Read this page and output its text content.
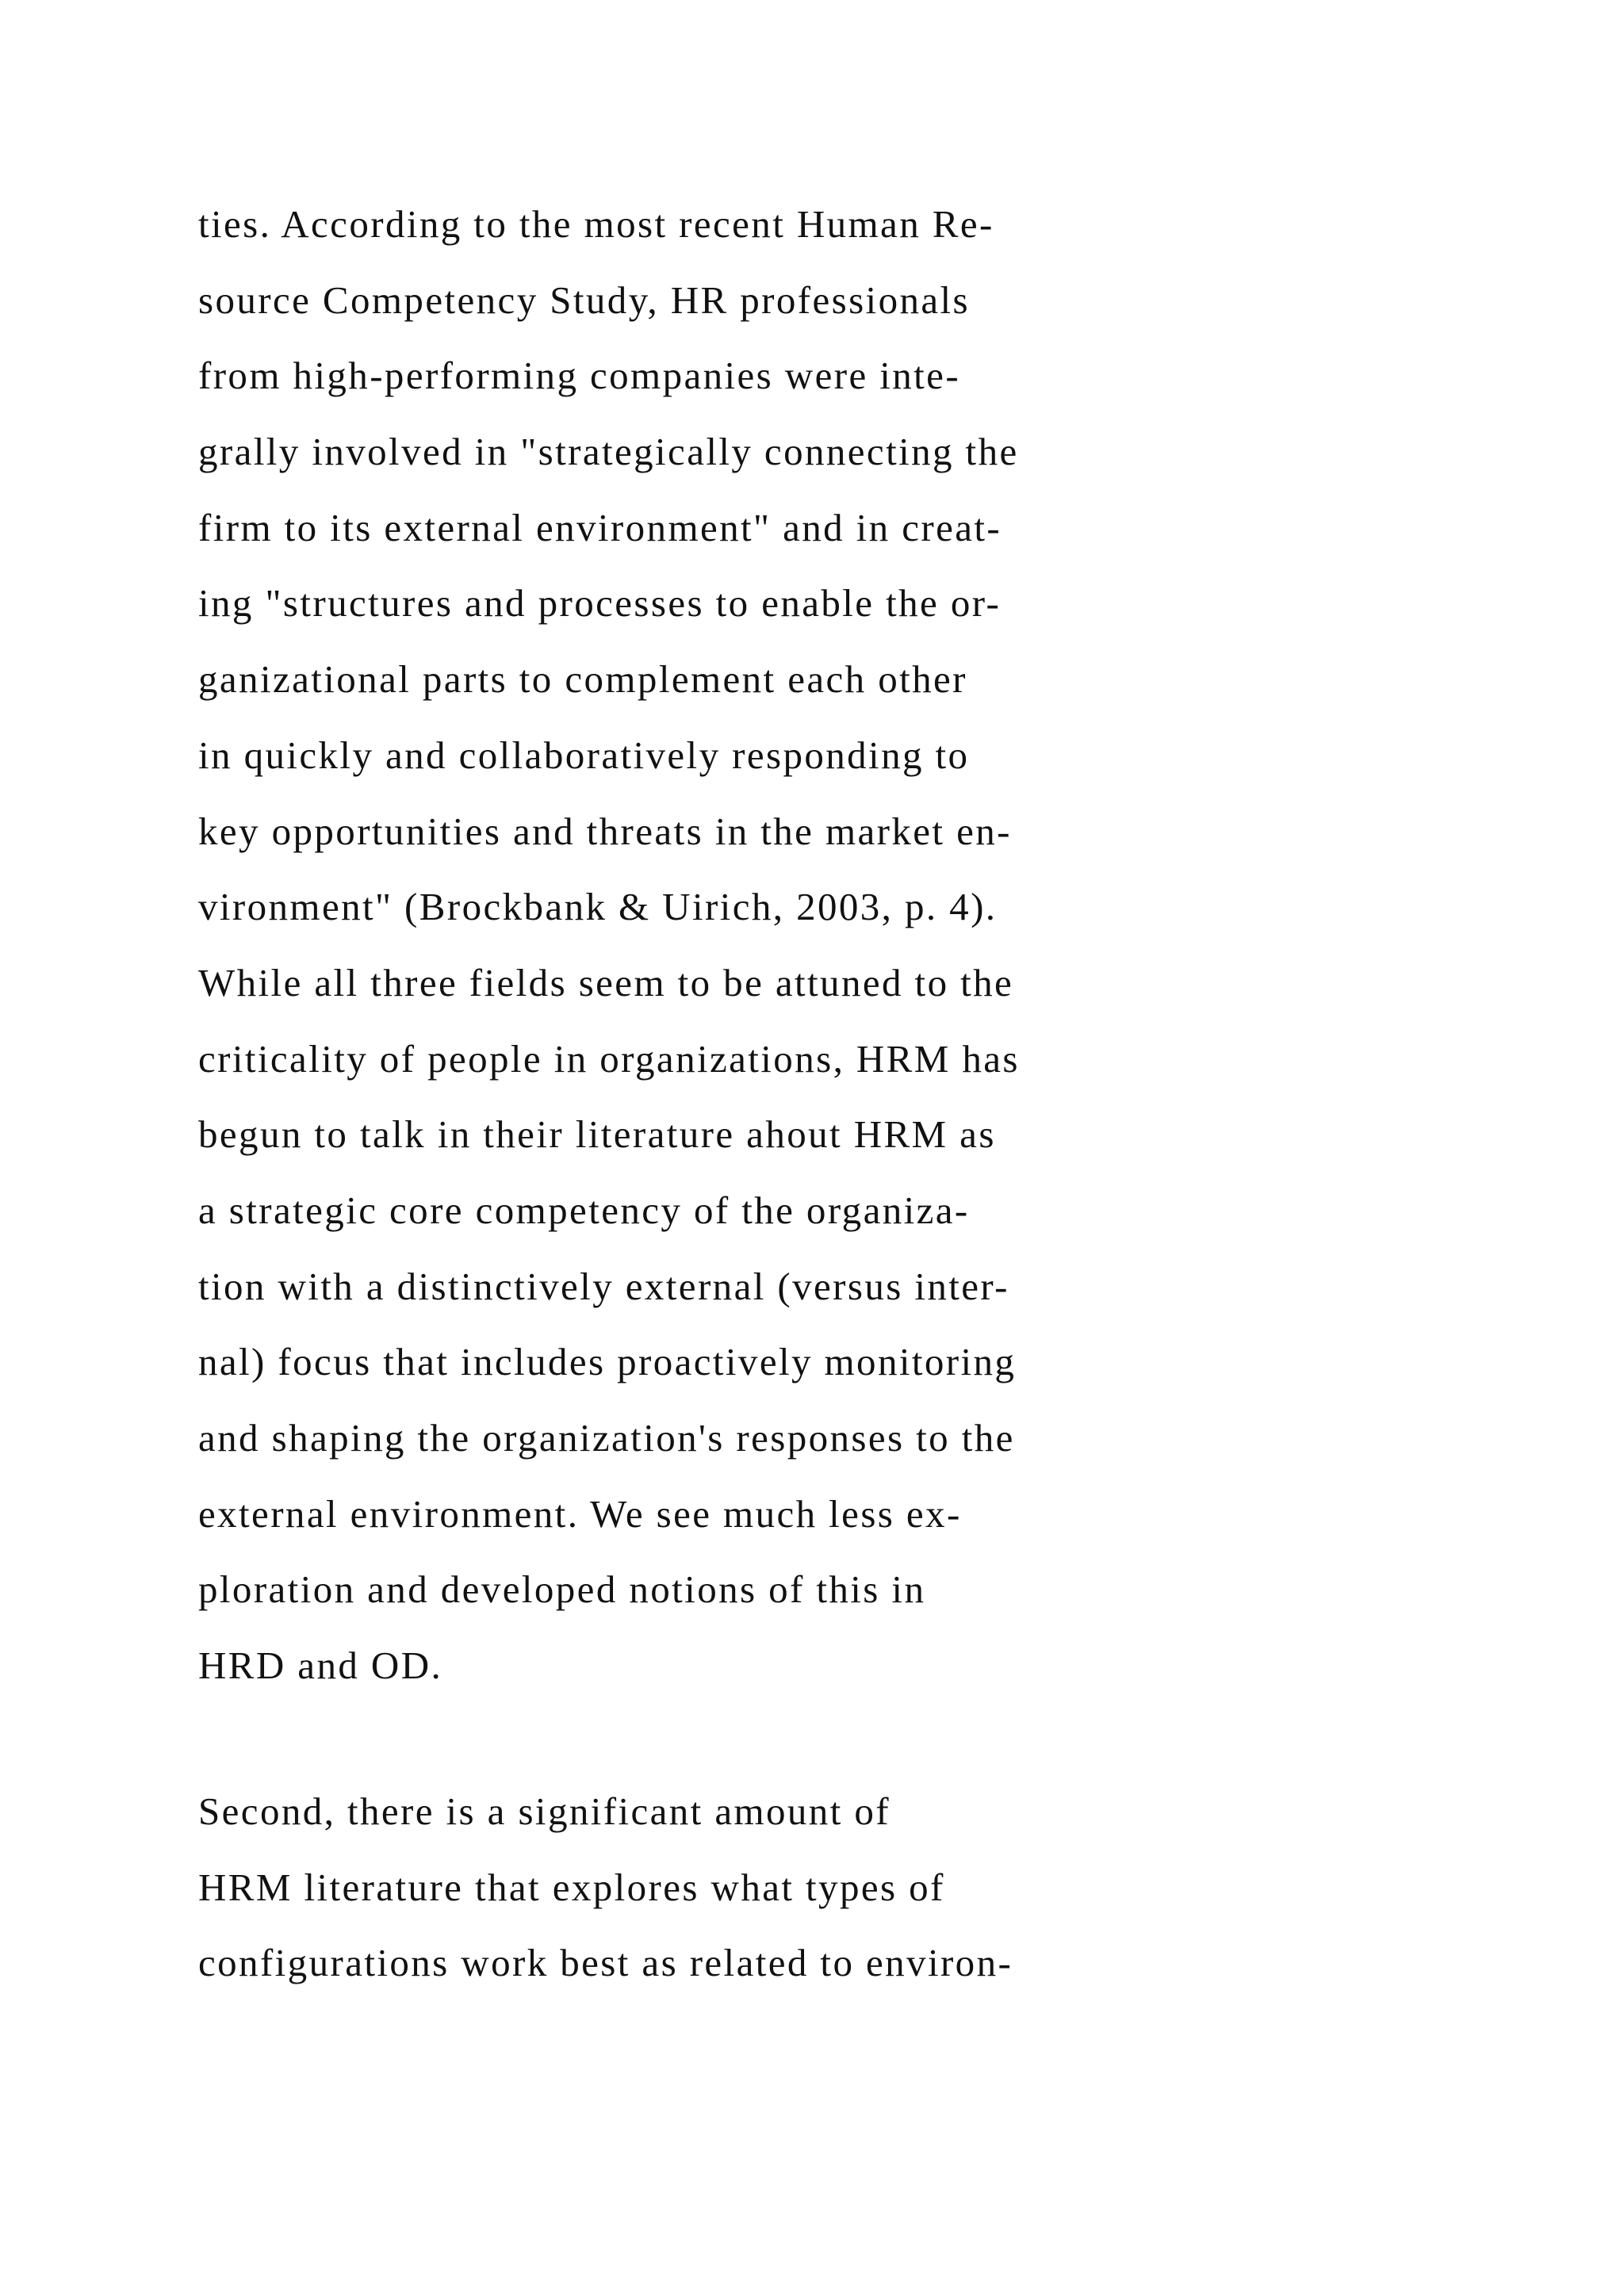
ties. According to the most recent Human Re-
source Competency Study, HR professionals
from high-performing companies were inte-
grally involved in "strategically connecting the
firm to its external environment" and in creat-
ing "structures and processes to enable the or-
ganizational parts to complement each other
in quickly and collaboratively responding to
key opportunities and threats in the market en-
vironment" (Brockbank & Uirich, 2003, p. 4).
While all three fields seem to be attuned to the
criticality of people in organizations, HRM has
begun to talk in their literature ahout HRM as
a strategic core competency of the organiza-
tion with a distinctively external (versus inter-
nal) focus that includes proactively monitoring
and shaping the organization's responses to the
external environment. We see much less ex-
ploration and developed notions of this in
HRD and OD.
Second, there is a significant amount of
HRM literature that explores what types of
configurations work best as related to environ-
